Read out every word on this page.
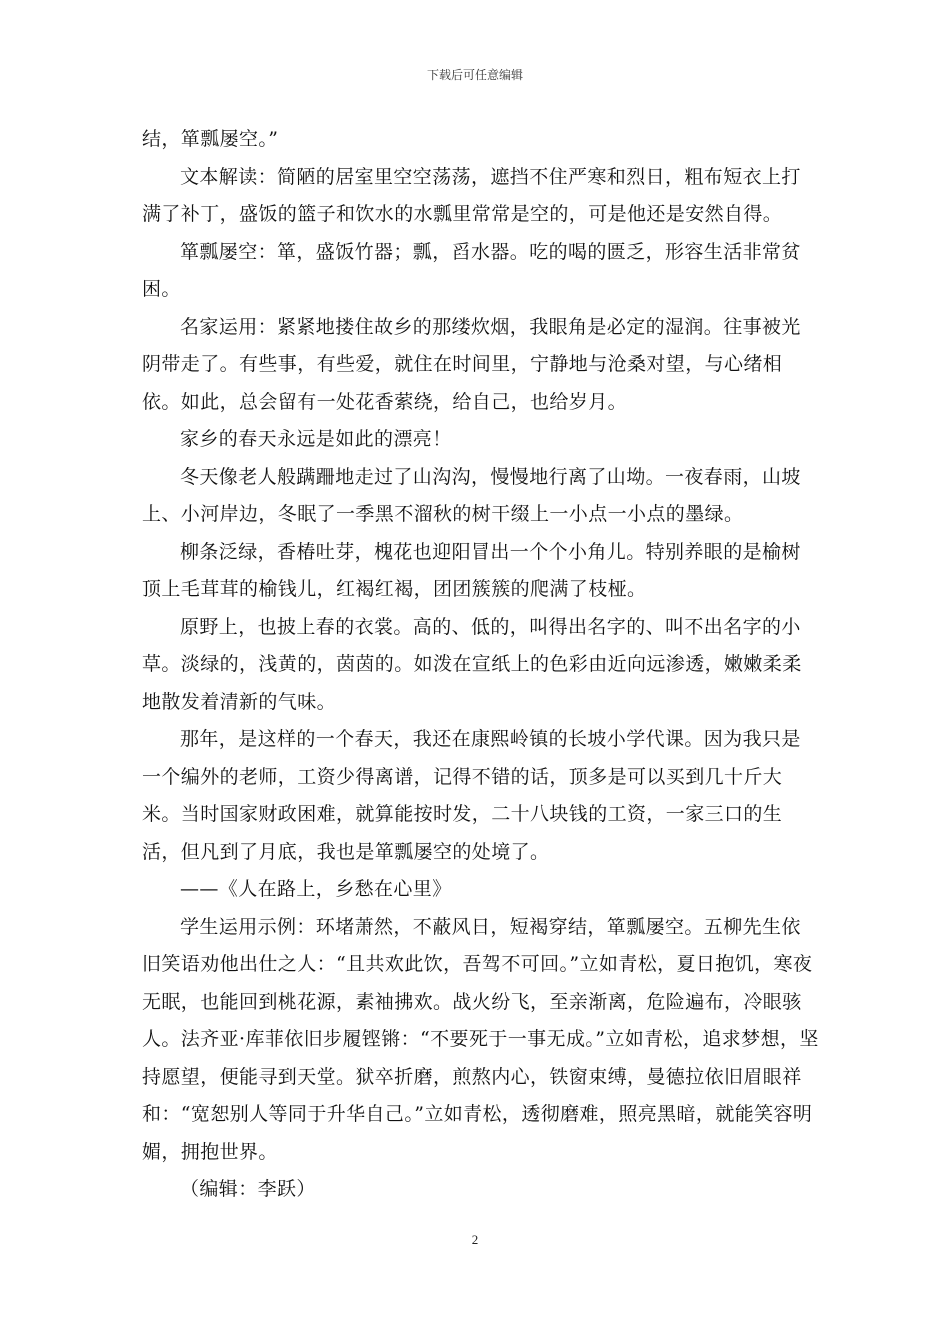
下载后可任意编辑

结，箪瓢屡空。”

文本解读：简陋的居室里空空荡荡，遮挡不住严寒和烈日，粗布短衣上打满了补丁，盛饭的篮子和饮水的水瓢里常常是空的，可是他还是安然自得。

箪瓢屡空：箪，盛饭竹器；瓢，舀水器。吃的喝的匮乏，形容生活非常贫困。

名家运用：紧紧地搂住故乡的那缕炊烟，我眼角是必定的湿润。往事被光阴带走了。有些事，有些爱，就住在时间里，宁静地与沧桑对望，与心绪相依。如此，总会留有一处花香萦绕，给自己，也给岁月。

家乡的春天永远是如此的漂亮！

冬天像老人般蹒跚地走过了山沟沟，慢慢地行离了山坳。一夜春雨，山坡上、小河岸边，冬眠了一季黑不溜秋的树干缀上一小点一小点的墨绿。

柳条泛绿，香椿吐芽，槐花也迎阳冒出一个个小角儿。特别养眼的是榆树顶上毛茸茸的榆钱儿，红褐红褐，团团簇簇的爬满了枝桠。

原野上，也披上春的衣裳。高的、低的，叫得出名字的、叫不出名字的小草。淡绿的，浅黄的，茵茵的。如泼在宣纸上的色彩由近向远渗透，嫩嫩柔柔地散发着清新的气味。

那年，是这样的一个春天，我还在康熙岭镇的长坡小学代课。因为我只是一个编外的老师，工资少得离谱，记得不错的话，顶多是可以买到几十斤大米。当时国家财政困难，就算能按时发，二十八块钱的工资，一家三口的生活，但凡到了月底，我也是箪瓢屡空的处境了。

——《人在路上，乡愁在心里》

学生运用示例：环堵萧然，不蔽风日，短褐穿结，箪瓢屡空。五柳先生依旧笑语劝他出仕之人：“且共欢此饮，吾驾不可回。”立如青松，夏日抱饥，寒夜无眠，也能回到桃花源，素袖拂欢。战火纷飞，至亲渐离，危险遍布，冷眼骇人。法齐亚·库菲依旧步履铿锵：“不要死于一事无成。”立如青松，追求梦想，坚持愿望，便能寻到天堂。狱卒折磨，煎熬内心，铁窗束缚，曼德拉依旧眉眼祥和：“宽恕别人等同于升华自己。”立如青松，透彻磨难，照亮黑暗，就能笑容明媚，拥抱世界。

（编辑：李跃）

2
